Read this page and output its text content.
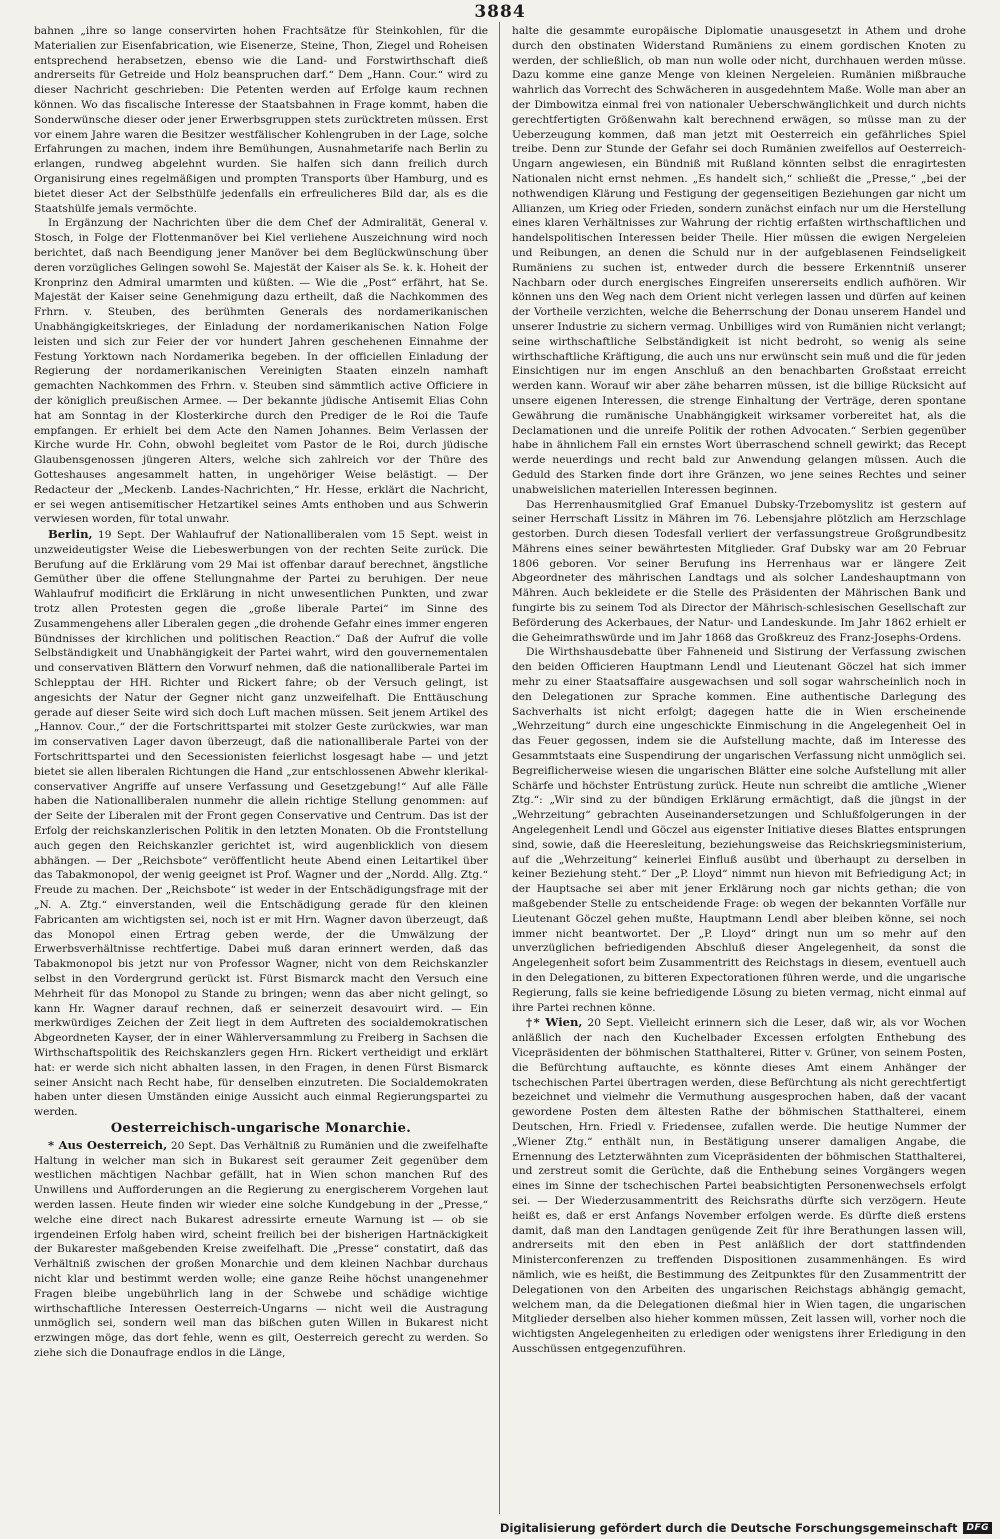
3884

bahnen „ihre so lange conservirten hohen Frachtsätze für Steinkohlen, für die Materialien zur Eisenfabrication, wie Eisenerze, Steine, Thon, Ziegel und Roheisen entsprechend herabsetzen, ebenso wie die Land- und Forstwirthschaft dieß andrerseits für Getreide und Holz beanspruchen darf.“ Dem „Hann. Cour.“ wird zu dieser Nachricht geschrieben: Die Petenten werden auf Erfolge kaum rechnen können. Wo das fiscalische Interesse der Staatsbahnen in Frage kommt, haben die Sonderwünsche dieser oder jener Erwerbsgruppen stets zurücktreten müssen. Erst vor einem Jahre waren die Besitzer westfälischer Kohlengruben in der Lage, solche Erfahrungen zu machen, indem ihre Bemühungen, Ausnahmetarife nach Berlin zu erlangen, rundweg abgelehnt wurden. Sie halfen sich dann freilich durch Organisirung eines regelmäßigen und prompten Transports über Hamburg, und es bietet dieser Act der Selbsthülfe jedenfalls ein erfreulicheres Bild dar, als es die Staatshülfe jemals vermöchte.

In Ergänzung der Nachrichten über die dem Chef der Admiralität, General v. Stosch, in Folge der Flottenmanöver bei Kiel verliehene Auszeichnung wird noch berichtet, daß nach Beendigung jener Manöver bei dem Beglückwünschung über deren vorzügliches Gelingen sowohl Se. Majestät der Kaiser als Se. k. k. Hoheit der Kronprinz den Admiral umarmten und küßten. — Wie die „Post“ erfährt, hat Se. Majestät der Kaiser seine Genehmigung dazu ertheilt, daß die Nachkommen des Frhrn. v. Steuben, des berühmten Generals des nordamerikanischen Unabhängigkeitskrieges, der Einladung der nordamerikanischen Nation Folge leisten und sich zur Feier der vor hundert Jahren geschehenen Einnahme der Festung Yorktown nach Nordamerika begeben. In der officiellen Einladung der Regierung der nordamerikanischen Vereinigten Staaten einzeln namhaft gemachten Nachkommen des Frhrn. v. Steuben sind sämmtlich active Officiere in der königlich preußischen Armee. — Der bekannte jüdische Antisemit Elias Cohn hat am Sonntag in der Klosterkirche durch den Prediger de le Roi die Taufe empfangen. Er erhielt bei dem Acte den Namen Johannes. Beim Verlassen der Kirche wurde Hr. Cohn, obwohl begleitet vom Pastor de le Roi, durch jüdische Glaubensgenossen jüngeren Alters, welche sich zahlreich vor der Thüre des Gotteshauses angesammelt hatten, in ungehöriger Weise belästigt. — Der Redacteur der „Meckenb. Landes-Nachrichten,“ Hr. Hesse, erklärt die Nachricht, er sei wegen antisemitischer Hetzartikel seines Amts enthoben und aus Schwerin verwiesen worden, für total unwahr.

Berlin, 19 Sept. Der Wahlaufruf der Nationalliberalen vom 15 Sept. weist in unzweideutigster Weise die Liebeswerbungen von der rechten Seite zurück. Die Berufung auf die Erklärung vom 29 Mai ist offenbar darauf berechnet, ängstliche Gemüther über die offene Stellungnahme der Partei zu beruhigen. Der neue Wahlaufruf modificirt die Erklärung in nicht unwesentlichen Punkten, und zwar trotz allen Protesten gegen die „große liberale Partei“ im Sinne des Zusammengehens aller Liberalen gegen „die drohende Gefahr eines immer engeren Bündnisses der kirchlichen und politischen Reaction.“ Daß der Aufruf die volle Selbständigkeit und Unabhängigkeit der Partei wahrt, wird den gouvernementalen und conservativen Blättern den Vorwurf nehmen, daß die nationalliberale Partei im Schlepptau der HH. Richter und Rickert fahre; ob der Versuch gelingt, ist angesichts der Natur der Gegner nicht ganz unzweifelhaft. Die Enttäuschung gerade auf dieser Seite wird sich doch Luft machen müssen. Seit jenem Artikel des „Hannov. Cour.,“ der die Fortschrittspartei mit stolzer Geste zurückwies, war man im conservativen Lager davon überzeugt, daß die nationalliberale Partei von der Fortschrittspartei und den Secessionisten feierlichst losgesagt habe — und jetzt bietet sie allen liberalen Richtungen die Hand „zur entschlossenen Abwehr klerikal-conservativer Angriffe auf unsere Verfassung und Gesetzgebung!“ Auf alle Fälle haben die Nationalliberalen nunmehr die allein richtige Stellung genommen: auf der Seite der Liberalen mit der Front gegen Conservative und Centrum. Das ist der Erfolg der reichskanzlerischen Politik in den letzten Monaten. Ob die Frontstellung auch gegen den Reichskanzler gerichtet ist, wird augenblicklich von diesem abhängen. — Der „Reichsbote“ veröffentlicht heute Abend einen Leitartikel über das Tabakmonopol, der wenig geeignet ist Prof. Wagner und der „Nordd. Allg. Ztg.“ Freude zu machen. Der „Reichsbote“ ist weder in der Entschädigungsfrage mit der „N. A. Ztg.“ einverstanden, weil die Entschädigung gerade für den kleinen Fabricanten am wichtigsten sei, noch ist er mit Hrn. Wagner davon überzeugt, daß das Monopol einen Ertrag geben werde, der die Umwälzung der Erwerbsverhältnisse rechtfertige. Dabei muß daran erinnert werden, daß das Tabakmonopol bis jetzt nur von Professor Wagner, nicht von dem Reichskanzler selbst in den Vordergrund gerückt ist. Fürst Bismarck macht den Versuch eine Mehrheit für das Monopol zu Stande zu bringen; wenn das aber nicht gelingt, so kann Hr. Wagner darauf rechnen, daß er seinerzeit desavouirt wird. — Ein merkwürdiges Zeichen der Zeit liegt in dem Auftreten des socialdemokratischen Abgeordneten Kayser, der in einer Wählerversammlung zu Freiberg in Sachsen die Wirthschaftspolitik des Reichskanzlers gegen Hrn. Rickert vertheidigt und erklärt hat: er werde sich nicht abhalten lassen, in den Fragen, in denen Fürst Bismarck seiner Ansicht nach Recht habe, für denselben einzutreten. Die Socialdemokraten haben unter diesen Umständen einige Aussicht auch einmal Regierungspartei zu werden.

Oesterreichisch-ungarische Monarchie.

* Aus Oesterreich, 20 Sept. Das Verhältniß zu Rumänien und die zweifelhafte Haltung in welcher man sich in Bukarest seit geraumer Zeit gegenüber dem westlichen mächtigen Nachbar gefällt, hat in Wien schon manchen Ruf des Unwillens und Aufforderungen an die Regierung zu energischerem Vorgehen laut werden lassen. Heute finden wir wieder eine solche Kundgebung in der „Presse,“ welche eine direct nach Bukarest adressirte erneute Warnung ist — ob sie irgendeinen Erfolg haben wird, scheint freilich bei der bisherigen Hartnäckigkeit der Bukarester maßgebenden Kreise zweifelhaft. Die „Presse“ constatirt, daß das Verhältniß zwischen der großen Monarchie und dem kleinen Nachbar durchaus nicht klar und bestimmt werden wolle; eine ganze Reihe höchst unangenehmer Fragen bleibe ungebührlich lang in der Schwebe und schädige wichtige wirthschaftliche Interessen Oesterreich-Ungarns — nicht weil die Austragung unmöglich sei, sondern weil man das bißchen guten Willen in Bukarest nicht erzwingen möge, das dort fehle, wenn es gilt, Oesterreich gerecht zu werden. So ziehe sich die Donaufrage endlos in die Länge,

halte die gesammte europäische Diplomatie unausgesetzt in Athem und drohe durch den obstinaten Widerstand Rumäniens zu einem gordischen Knoten zu werden, der schließlich, ob man nun wolle oder nicht, durchhauen werden müsse. Dazu komme eine ganze Menge von kleinen Nergeleien. Rumänien mißbrauche wahrlich das Vorrecht des Schwächeren in ausgedehntem Maße. Wolle man aber an der Dimbowitza einmal frei von nationaler Ueberschwänglichkeit und durch nichts gerechtfertigten Größenwahn kalt berechnend erwägen, so müsse man zu der Ueberzeugung kommen, daß man jetzt mit Oesterreich ein gefährliches Spiel treibe. Denn zur Stunde der Gefahr sei doch Rumänien zweifellos auf Oesterreich-Ungarn angewiesen, ein Bündniß mit Rußland könnten selbst die enragirtesten Nationalen nicht ernst nehmen. „Es handelt sich,“ schließt die „Presse,“ „bei der nothwendigen Klärung und Festigung der gegenseitigen Beziehungen gar nicht um Allianzen, um Krieg oder Frieden, sondern zunächst einfach nur um die Herstellung eines klaren Verhältnisses zur Wahrung der richtig erfaßten wirthschaftlichen und handelspolitischen Interessen beider Theile. Hier müssen die ewigen Nergeleien und Reibungen, an denen die Schuld nur in der aufgeblasenen Feindseligkeit Rumäniens zu suchen ist, entweder durch die bessere Erkenntniß unserer Nachbarn oder durch energisches Eingreifen unsererseits endlich aufhören. Wir können uns den Weg nach dem Orient nicht verlegen lassen und dürfen auf keinen der Vortheile verzichten, welche die Beherrschung der Donau unserem Handel und unserer Industrie zu sichern vermag. Unbilliges wird von Rumänien nicht verlangt; seine wirthschaftliche Selbständigkeit ist nicht bedroht, so wenig als seine wirthschaftliche Kräftigung, die auch uns nur erwünscht sein muß und die für jeden Einsichtigen nur im engen Anschluß an den benachbarten Großstaat erreicht werden kann. Worauf wir aber zähe beharren müssen, ist die billige Rücksicht auf unsere eigenen Interessen, die strenge Einhaltung der Verträge, deren spontane Gewährung die rumänische Unabhängigkeit wirksamer vorbereitet hat, als die Declamationen und die unreife Politik der rothen Advocaten.“ Serbien gegenüber habe in ähnlichem Fall ein ernstes Wort überraschend schnell gewirkt; das Recept werde neuerdings und recht bald zur Anwendung gelangen müssen. Auch die Geduld des Starken finde dort ihre Gränzen, wo jene seines Rechtes und seiner unabweislichen materiellen Interessen beginnen.

Das Herrenhausmitglied Graf Emanuel Dubsky-Trzebomyslitz ist gestern auf seiner Herrschaft Lissitz in Mähren im 76. Lebensjahre plötzlich am Herzschlage gestorben. Durch diesen Todesfall verliert der verfassungstreue Großgrundbesitz Mährens eines seiner bewährtesten Mitglieder. Graf Dubsky war am 20 Februar 1806 geboren. Vor seiner Berufung ins Herrenhaus war er längere Zeit Abgeordneter des mährischen Landtags und als solcher Landeshauptmann von Mähren. Auch bekleidete er die Stelle des Präsidenten der Mährischen Bank und fungirte bis zu seinem Tod als Director der Mährisch-schlesischen Gesellschaft zur Beförderung des Ackerbaues, der Natur- und Landeskunde. Im Jahr 1862 erhielt er die Geheimrathswürde und im Jahr 1868 das Großkreuz des Franz-Josephs-Ordens.

Die Wirthshausdebatte über Fahneneid und Sistirung der Verfassung zwischen den beiden Officieren Hauptmann Lendl und Lieutenant Göczel hat sich immer mehr zu einer Staatsaffaire ausgewachsen und soll sogar wahrscheinlich noch in den Delegationen zur Sprache kommen. Eine authentische Darlegung des Sachverhalts ist nicht erfolgt; dagegen hatte die in Wien erscheinende „Wehrzeitung“ durch eine ungeschickte Einmischung in die Angelegenheit Oel in das Feuer gegossen, indem sie die Aufstellung machte, daß im Interesse des Gesammtstaats eine Suspendirung der ungarischen Verfassung nicht unmöglich sei. Begreiflicherweise wiesen die ungarischen Blätter eine solche Aufstellung mit aller Schärfe und höchster Entrüstung zurück. Heute nun schreibt die amtliche „Wiener Ztg.“: „Wir sind zu der bündigen Erklärung ermächtigt, daß die jüngst in der „Wehrzeitung“ gebrachten Auseinandersetzungen und Schlußfolgerungen in der Angelegenheit Lendl und Göczel aus eigenster Initiative dieses Blattes entsprungen sind, sowie, daß die Heeresleitung, beziehungsweise das Reichskriegsministerium, auf die „Wehrzeitung“ keinerlei Einfluß ausübt und überhaupt zu derselben in keiner Beziehung steht.“ Der „P. Lloyd“ nimmt nun hievon mit Befriedigung Act; in der Hauptsache sei aber mit jener Erklärung noch gar nichts gethan; die von maßgebender Stelle zu entscheidende Frage: ob wegen der bekannten Vorfälle nur Lieutenant Göczel gehen mußte, Hauptmann Lendl aber bleiben könne, sei noch immer nicht beantwortet. Der „P. Lloyd“ dringt nun um so mehr auf den unverzüglichen befriedigenden Abschluß dieser Angelegenheit, da sonst die Angelegenheit sofort beim Zusammentritt des Reichstags in diesem, eventuell auch in den Delegationen, zu bitteren Expectorationen führen werde, und die ungarische Regierung, falls sie keine befriedigende Lösung zu bieten vermag, nicht einmal auf ihre Partei rechnen könne.

†* Wien, 20 Sept. Vielleicht erinnern sich die Leser, daß wir, als vor Wochen anläßlich der nach den Kuchelbader Excessen erfolgten Enthebung des Vicepräsidenten der böhmischen Statthalterei, Ritter v. Grüner, von seinem Posten, die Befürchtung auftauchte, es könnte dieses Amt einem Anhänger der tschechischen Partei übertragen werden, diese Befürchtung als nicht gerechtfertigt bezeichnet und vielmehr die Vermuthung ausgesprochen haben, daß der vacant gewordene Posten dem ältesten Rathe der böhmischen Statthalterei, einem Deutschen, Hrn. Friedl v. Friedensee, zufallen werde. Die heutige Nummer der „Wiener Ztg.“ enthält nun, in Bestätigung unserer damaligen Angabe, die Ernennung des Letzterwähnten zum Vicepräsidenten der böhmischen Statthalterei, und zerstreut somit die Gerüchte, daß die Enthebung seines Vorgängers wegen eines im Sinne der tschechischen Partei beabsichtigten Personenwechsels erfolgt sei. — Der Wiederzusammentritt des Reichsraths dürfte sich verzögern. Heute heißt es, daß er erst Anfangs November erfolgen werde. Es dürfte dieß erstens damit, daß man den Landtagen genügende Zeit für ihre Berathungen lassen will, andrerseits mit den eben in Pest anläßlich der dort stattfindenden Ministerconferenzen zu treffenden Dispositionen zusammenhängen. Es wird nämlich, wie es heißt, die Bestimmung des Zeitpunktes für den Zusammentritt der Delegationen von den Arbeiten des ungarischen Reichstags abhängig gemacht, welchem man, da die Delegationen dießmal hier in Wien tagen, die ungarischen Mitglieder derselben also hieher kommen müssen, Zeit lassen will, vorher noch die wichtigsten Angelegenheiten zu erledigen oder wenigstens ihrer Erledigung in den Ausschüssen entgegenzuführen.

Digitalisierung gefördert durch die Deutsche Forschungsgemeinschaft	DFG
